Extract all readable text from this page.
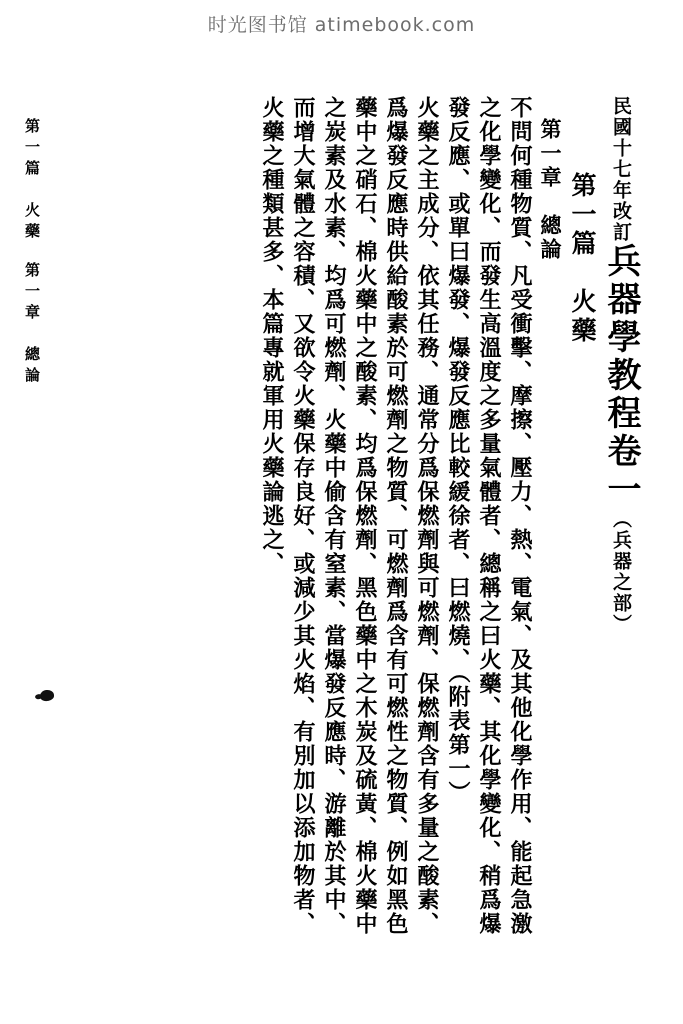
时光图书馆 atimebook.com
民國十七年改訂兵器學教程卷一（兵器之部）
第一篇　火藥
第一章　總論
不問何種物質、凡受衝擊、摩擦、壓力、熱、電氣、及其他化學作用、能起急激
之化學變化、而發生高溫度之多量氣體者、總稱之曰火藥、其化學變化、稍爲爆
發反應、或單曰爆發、爆發反應比較緩徐者、曰燃燒、（附表第一）
火藥之主成分、依其任務、通常分爲保燃劑與可燃劑、保燃劑含有多量之酸素、
爲爆發反應時供給酸素於可燃劑之物質、可燃劑爲含有可燃性之物質、例如黑色
藥中之硝石、棉火藥中之酸素、均爲保燃劑、黑色藥中之木炭及硫黃、棉火藥中
之炭素及水素、均爲可燃劑、火藥中偷含有窒素、當爆發反應時、游離於其中、
而增大氣體之容積、又欲令火藥保存良好、或減少其火焰、有別加以添加物者、
火藥之種類甚多、本篇專就軍用火藥論逃之、
第一篇　火藥第一章　總論
